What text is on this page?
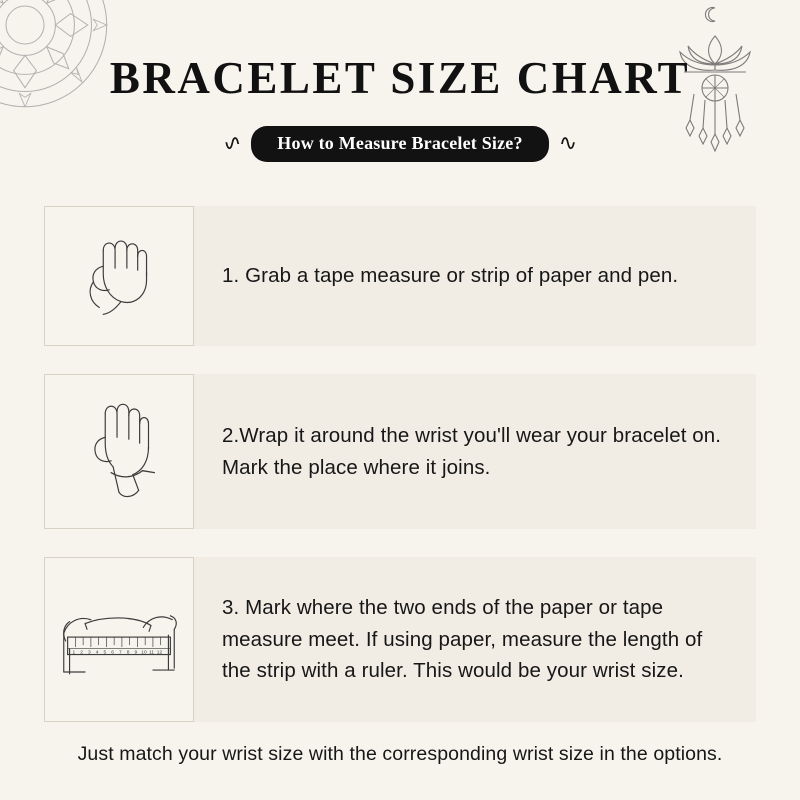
BRACELET SIZE CHART
∿	How to Measure Bracelet Size?	∿
1. Grab a tape measure or strip of paper and pen.
2.Wrap it around the wrist you'll wear your bracelet on. Mark the place where it joins.
1 2 3 4 5 6 7 8 9 10 11 12
3. Mark where the two ends of the paper or tape measure meet. If using paper, measure the length of the strip with a ruler. This would be your wrist size.
Just match your wrist size with the corresponding wrist size in the options.
